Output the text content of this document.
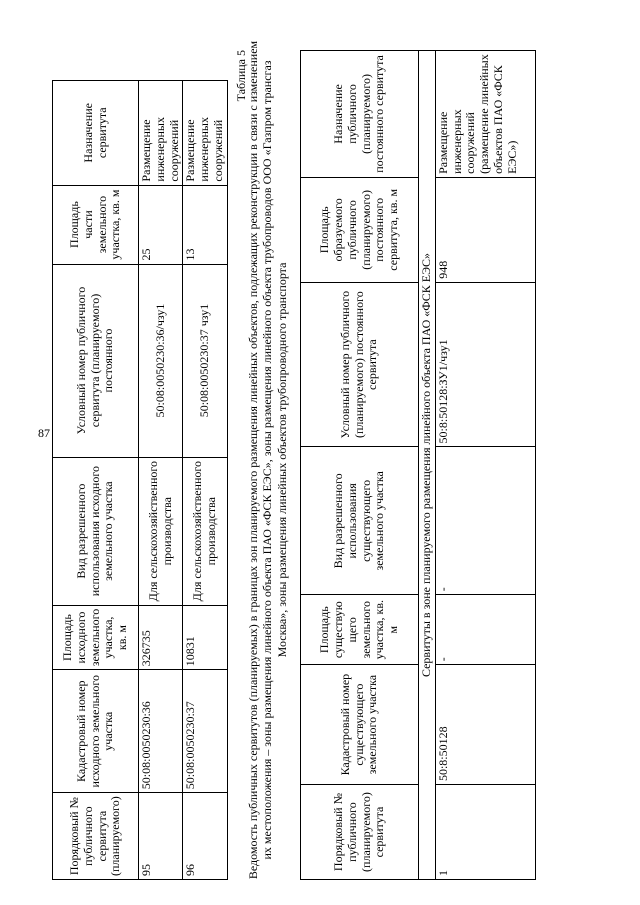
87
Порядковый № публичного сервитута (планируемого)	Кадастровый номер исходного земельного участка	Площадь исходного земельного участка, кв. м	Вид разрешенного использования исходного земельного участка	Условный номер публичного сервитута (планируемого) постоянного	Площадь части земельного участка, кв. м	Назначение сервитута
95	50:08:0050230:36	326735	Для сельскохозяйственного производства	50:08:0050230:36/чзу1	25	Размещение инженерных сооружений
96	50:08:0050230:37	10831	Для сельскохозяйственного производства	50:08:0050230:37 чзу1	13	Размещение инженерных сооружений
Таблица 5
Ведомость публичных сервитутов (планируемых) в границах зон планируемого размещения линейных объектов, подлежащих реконструкции в связи с изменением их местоположения – зоны размещения линейного объекта ПАО «ФСК ЕЭС», зоны размещения линейного объекта трубопроводов ООО «Газпром трансгаз Москва», зоны размещения линейных объектов трубопроводного транспорта
Порядковый № публичного (планируемого) сервитута	Кадастровый номер существующего земельного участка	Площадь существую щего земельного участка, кв. м	Вид разрешенного использования существующего земельного участка	Условный номер публичного (планируемого) постоянного сервитута	Площадь образуемого публичного (планируемого) постоянного сервитута, кв. м	Назначение публичного (планируемого) постоянного сервитута
Сервитуты в зоне планируемого размещения линейного объекта ПАО «ФСК ЕЭС»						
1	50:8:50128	-	-	50:8:50128:ЗУ1/чзу1	948	Размещение инженерных сооружений (размещение линейных объектов ПАО «ФСК ЕЭС»)
